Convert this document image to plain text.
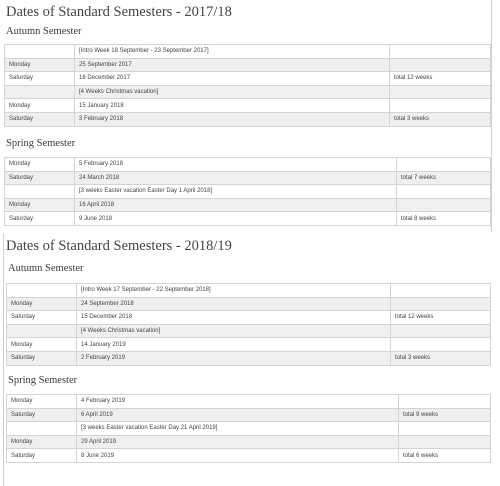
Dates of Standard Semesters - 2017/18
Autumn Semester
	[Intro Week 18 September - 23 September 2017]	
Monday	25 September 2017	
Saturday	16 December 2017	total 12 weeks
	[4 Weeks Christmas vacation]	
Monday	15 January 2018	
Saturday	3 February 2018	total 3 weeks
Spring Semester
Monday	5 February 2018	
Saturday	24 March 2018	total 7 weeks
	[3 weeks Easter vacation Easter Day 1 April 2018]	
Monday	16 April 2018	
Saturday	9 June 2018	total 8 weeks
Dates of Standard Semesters - 2018/19
Autumn Semester
	[Intro Week 17 September - 22 September 2018]	
Monday	24 September 2018	
Saturday	15 December 2018	total 12 weeks
	[4 Weeks Christmas vacation]	
Monday	14 January 2019	
Saturday	2 February 2019	total 3 weeks
Spring Semester
Monday	4 February 2019	
Saturday	6 April 2019	total 9 weeks
	[3 weeks Easter vacation Easter Day 21 April 2019]	
Monday	29 April 2019	
Saturday	8 June 2019	total 6 weeks
